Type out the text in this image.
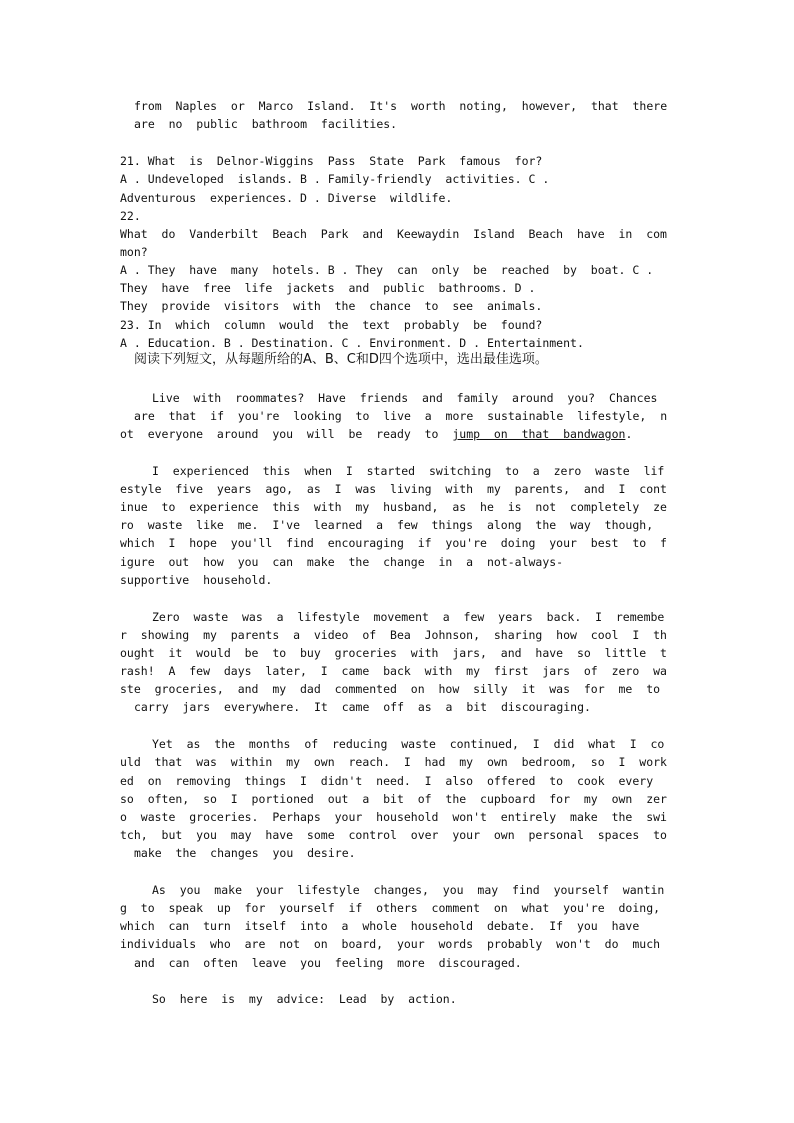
from  Naples  or  Marco  Island.  It's  worth  noting,  however,  that  there
are  no  public  bathroom  facilities.
21. What  is  Delnor-Wiggins  Pass  State  Park  famous  for?
A . Undeveloped  islands. B . Family-friendly  activities. C .
Adventurous  experiences. D . Diverse  wildlife.
22.
What  do  Vanderbilt  Beach  Park  and  Keewaydin  Island  Beach  have  in  com
mon?
A . They  have  many  hotels. B . They  can  only  be  reached  by  boat. C .
They  have  free  life  jackets  and  public  bathrooms. D .
They  provide  visitors  with  the  chance  to  see  animals.
23. In  which  column  would  the  text  probably  be  found?
A . Education. B . Destination. C . Environment. D . Entertainment.
阅读下列短文，从每题所给的A、B、C和D四个选项中，选出最佳选项。
Live  with  roommates?  Have  friends  and  family  around  you?  Chances
are  that  if  you're  looking  to  live  a  more  sustainable  lifestyle,  n
ot  everyone  around  you  will  be  ready  to  jump  on  that  bandwagon.
I  experienced  this  when  I  started  switching  to  a  zero  waste  lif
estyle  five  years  ago,  as  I  was  living  with  my  parents,  and  I  cont
inue  to  experience  this  with  my  husband,  as  he  is  not  completely  ze
ro  waste  like  me.  I've  learned  a  few  things  along  the  way  though,
which  I  hope  you'll  find  encouraging  if  you're  doing  your  best  to  f
igure  out  how  you  can  make  the  change  in  a  not-always-
supportive  household.
Zero  waste  was  a  lifestyle  movement  a  few  years  back.  I  remembe
r  showing  my  parents  a  video  of  Bea  Johnson,  sharing  how  cool  I  th
ought  it  would  be  to  buy  groceries  with  jars,  and  have  so  little  t
rash!  A  few  days  later,  I  came  back  with  my  first  jars  of  zero  wa
ste  groceries,  and  my  dad  commented  on  how  silly  it  was  for  me  to
carry  jars  everywhere.  It  came  off  as  a  bit  discouraging.
Yet  as  the  months  of  reducing  waste  continued,  I  did  what  I  co
uld  that  was  within  my  own  reach.  I  had  my  own  bedroom,  so  I  work
ed  on  removing  things  I  didn't  need.  I  also  offered  to  cook  every
so  often,  so  I  portioned  out  a  bit  of  the  cupboard  for  my  own  zer
o  waste  groceries.  Perhaps  your  household  won't  entirely  make  the  swi
tch,  but  you  may  have  some  control  over  your  own  personal  spaces  to
make  the  changes  you  desire.
As  you  make  your  lifestyle  changes,  you  may  find  yourself  wantin
g  to  speak  up  for  yourself  if  others  comment  on  what  you're  doing,
which  can  turn  itself  into  a  whole  household  debate.  If  you  have
individuals  who  are  not  on  board,  your  words  probably  won't  do  much
and  can  often  leave  you  feeling  more  discouraged.
So  here  is  my  advice:  Lead  by  action.
